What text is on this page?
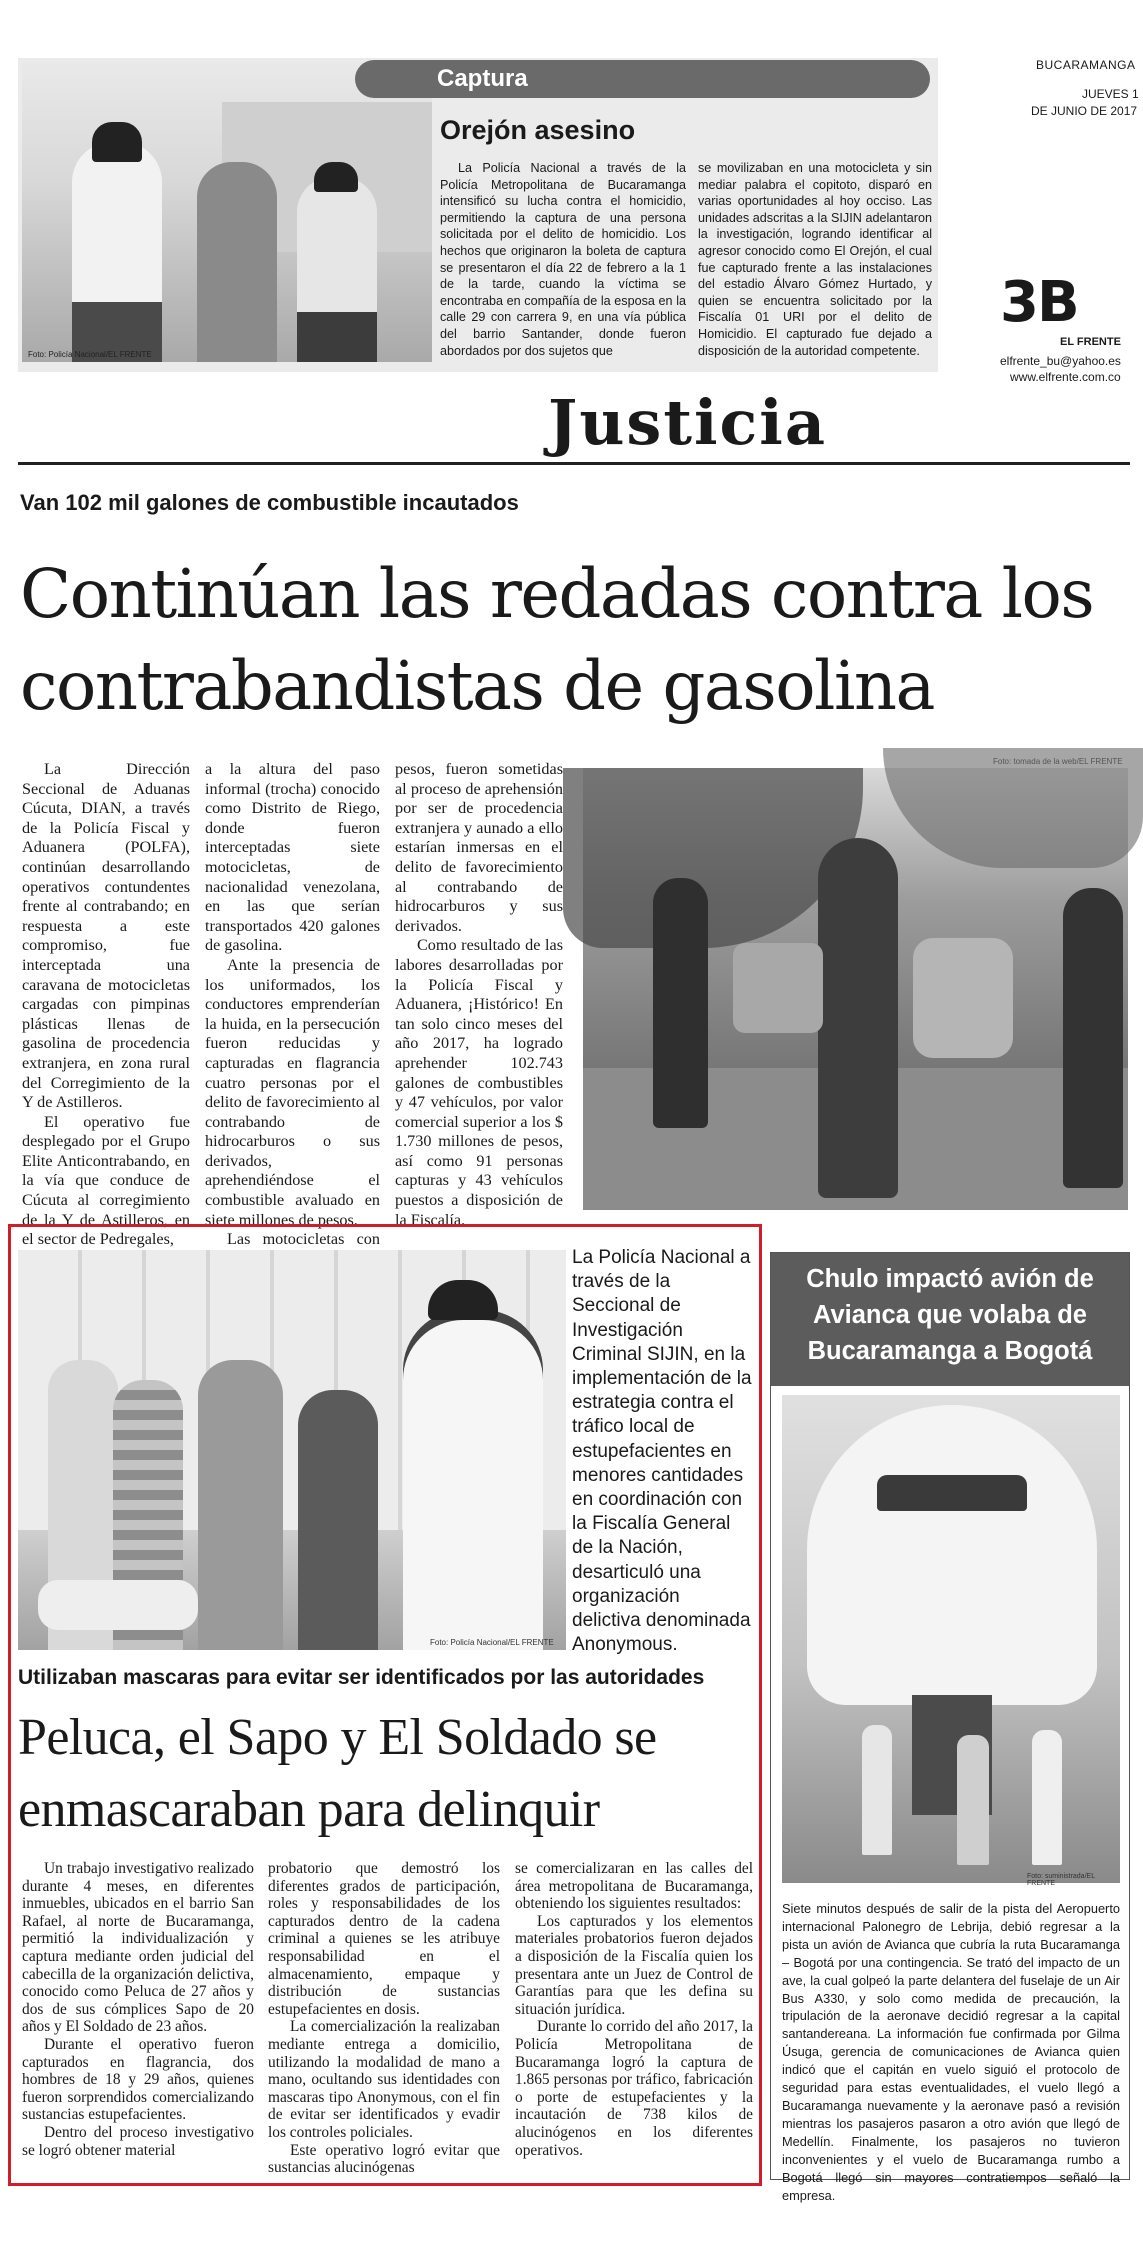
Foto: Policía Nacional/EL FRENTE
Captura
Orejón asesino
La Policía Nacional a través de la Policía Metropolitana de Bucaramanga intensificó su lucha contra el homicidio, permitiendo la captura de una persona solicitada por el delito de homicidio. Los hechos que originaron la boleta de captura se presentaron el día 22 de febrero a la 1 de la tarde, cuando la víctima se encontraba en compañía de la esposa en la calle 29 con carrera 9, en una vía pública del barrio Santander, donde fueron abordados por dos sujetos que
se movilizaban en una motocicleta y sin mediar palabra el copitoto, disparó en varias oportunidades al hoy occiso. Las unidades adscritas a la SIJIN adelantaron la investigación, logrando identificar al agresor conocido como El Orejón, el cual fue capturado frente a las instalaciones del estadio Álvaro Gómez Hurtado, y quien se encuentra solicitado por la Fiscalía 01 URI por el delito de Homicidio. El capturado fue dejado a disposición de la autoridad competente.
BUCARAMANGA
JUEVES 1
DE JUNIO DE 2017
3B
EL FRENTE
elfrente_bu@yahoo.es
www.elfrente.com.co
Justicia
Van 102 mil galones de combustible incautados
Continúan las redadas contra los contrabandistas de gasolina

La Dirección Seccional de Aduanas Cúcuta, DIAN, a través de la Policía Fiscal y Aduanera (POLFA), continúan desarrollando operativos contundentes frente al contrabando; en respuesta a este compromiso, fue interceptada una caravana de motocicletas cargadas con pimpinas plásticas llenas de gasolina de procedencia extranjera, en zona rural del Corregimiento de la Y de Astilleros.

El operativo fue desplegado por el Grupo Elite Anticontrabando, en la vía que conduce de Cúcuta al corregimiento de la Y de Astilleros, en el sector de Pedregales,

a la altura del paso informal (trocha) conocido como Distrito de Riego, donde fueron interceptadas siete motocicletas, de nacionalidad venezolana, en las que serían transportados 420 galones de gasolina.

Ante la presencia de los uniformados, los conductores emprenderían la huida, en la persecución fueron reducidas y capturadas en flagrancia cuatro personas por el delito de favorecimiento al contrabando de hidrocarburos o sus derivados, aprehendiéndose el combustible avaluado en siete millones de pesos.

Las motocicletas con

pesos, fueron sometidas al proceso de aprehensión por ser de procedencia extranjera y aunado a ello estarían inmersas en el delito de favorecimiento al contrabando de hidrocarburos y sus derivados.

Como resultado de las labores desarrolladas por la Policía Fiscal y Aduanera, ¡Histórico! En tan solo cinco meses del año 2017, ha logrado aprehender 102.743 galones de combustibles y 47 vehículos, por valor comercial superior a los $ 1.730 millones de pesos, así como 91 personas capturas y 43 vehículos puestos a disposición de la Fiscalía.

Foto: Policía Nacional/EL FRENTE
La Policía Nacional a través de la Seccional de Investigación Criminal SIJIN, en la implementación de la estrategia contra el tráfico local de estupefacientes en menores cantidades en coordinación con la Fiscalía General de la Nación, desarticuló una organización delictiva denominada Anonymous.
Utilizaban mascaras para evitar ser identificados por las autoridades
Peluca, el Sapo y El Soldado se enmascaraban para delinquir

Un trabajo investigativo realizado durante 4 meses, en diferentes inmuebles, ubicados en el barrio San Rafael, al norte de Bucaramanga, permitió la individualización y captura mediante orden judicial del cabecilla de la organización delictiva, conocido como Peluca de 27 años y dos de sus cómplices Sapo de 20 años y El Soldado de 23 años.

Durante el operativo fueron capturados en flagrancia, dos hombres de 18 y 29 años, quienes fueron sorprendidos comercializando sustancias estupefacientes.

Dentro del proceso investigativo se logró obtener material

probatorio que demostró los diferentes grados de participación, roles y responsabilidades de los capturados dentro de la cadena criminal a quienes se les atribuye responsabilidad en el almacenamiento, empaque y distribución de sustancias estupefacientes en dosis.

La comercialización la realizaban mediante entrega a domicilio, utilizando la modalidad de mano a mano, ocultando sus identidades con mascaras tipo Anonymous, con el fin de evitar ser identificados y evadir los controles policiales.

Este operativo logró evitar que sustancias alucinógenas

se comercializaran en las calles del área metropolitana de Bucaramanga, obteniendo los siguientes resultados:

Los capturados y los elementos materiales probatorios fueron dejados a disposición de la Fiscalía quien los presentara ante un Juez de Control de Garantías para que les defina su situación jurídica.

Durante lo corrido del año 2017, la Policía Metropolitana de Bucaramanga logró la captura de 1.865 personas por tráfico, fabricación o porte de estupefacientes y la incautación de 738 kilos de alucinógenos en los diferentes operativos.

Chulo impactó avión de Avianca que volaba de Bucaramanga a Bogotá
Foto: suministrada/EL FRENTE
Siete minutos después de salir de la pista del Aeropuerto internacional Palonegro de Lebrija, debió regresar a la pista un avión de Avianca que cubría la ruta Bucaramanga – Bogotá por una contingencia. Se trató del impacto de un ave, la cual golpeó la parte delantera del fuselaje de un Air Bus A330, y solo como medida de precaución, la tripulación de la aeronave decidió regresar a la capital santandereana. La información fue confirmada por Gilma Úsuga, gerencia de comunicaciones de Avianca quien indicó que el capitán en vuelo siguió el protocolo de seguridad para estas eventualidades, el vuelo llegó a Bucaramanga nuevamente y la aeronave pasó a revisión mientras los pasajeros pasaron a otro avión que llegó de Medellín. Finalmente, los pasajeros no tuvieron inconvenientes y el vuelo de Bucaramanga rumbo a Bogotá llegó sin mayores contratiempos señaló la empresa.
